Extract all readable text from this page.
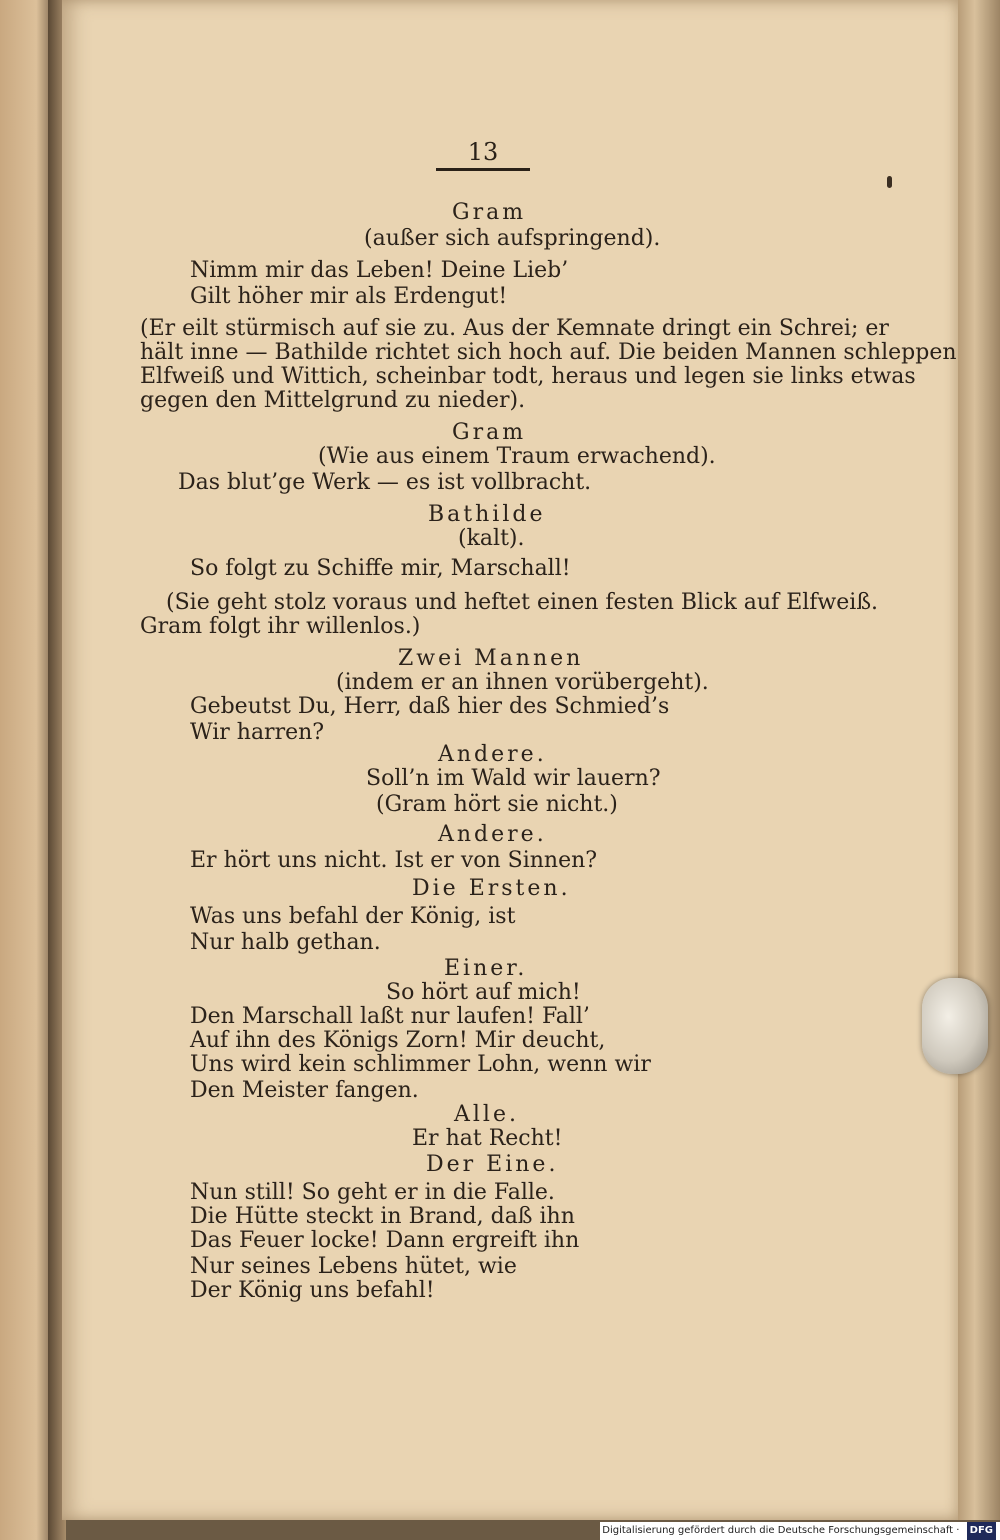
13
Gram
(außer sich aufspringend).
Nimm mir das Leben! Deine Lieb’
Gilt höher mir als Erdengut!
(Er eilt stürmisch auf sie zu. Aus der Kemnate dringt ein Schrei; er
hält inne — Bathilde richtet sich hoch auf. Die beiden Mannen schleppen
Elfweiß und Wittich, scheinbar todt, heraus und legen sie links etwas
gegen den Mittelgrund zu nieder).
Gram
(Wie aus einem Traum erwachend).
Das blut’ge Werk — es ist vollbracht.
Bathilde
(kalt).
So folgt zu Schiffe mir, Marschall!
(Sie geht stolz voraus und heftet einen festen Blick auf Elfweiß.
Gram folgt ihr willenlos.)
Zwei Mannen
(indem er an ihnen vorübergeht).
Gebeutst Du, Herr, daß hier des Schmied’s
Wir harren?
Andere.
Soll’n im Wald wir lauern?
(Gram hört sie nicht.)
Andere.
Er hört uns nicht. Ist er von Sinnen?
Die Ersten.
Was uns befahl der König, ist
Nur halb gethan.
Einer.
So hört auf mich!
Den Marschall laßt nur laufen! Fall’
Auf ihn des Königs Zorn! Mir deucht,
Uns wird kein schlimmer Lohn, wenn wir
Den Meister fangen.
Alle.
Er hat Recht!
Der Eine.
Nun still! So geht er in die Falle.
Die Hütte steckt in Brand, daß ihn
Das Feuer locke! Dann ergreift ihn
Nur seines Lebens hütet, wie
Der König uns befahl!
Digitalisierung gefördert durch die Deutsche Forschungsgemeinschaft · DFG
